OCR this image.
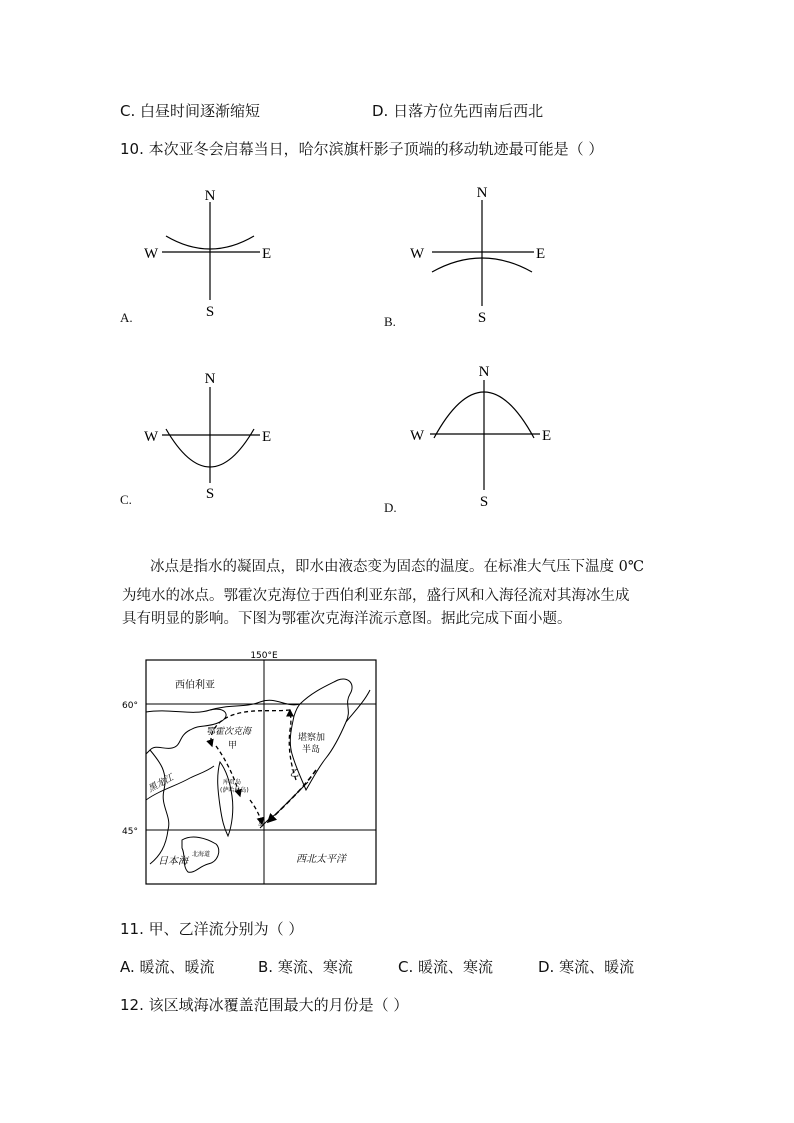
C. 白昼时间逐渐缩短	D. 日落方位先西南后西北
10. 本次亚冬会启幕当日，哈尔滨旗杆影子顶端的移动轨迹最可能是（ ）
N
S
W	E
A.
N
S
W	E
B.
N
S
W	E
C.
N
S
W	E
D.
冰点是指水的凝固点，即水由液态变为固态的温度。在标准大气压下温度 0℃
为纯水的冰点。鄂霍次克海位于西伯利亚东部，盛行风和入海径流对其海冰生成
具有明显的影响。下图为鄂霍次克海洋流示意图。据此完成下面小题。
150°E
60°
45°
西伯利亚
鄂霍次克海
甲
堪察加
半岛
乙
黑龙江	库页岛
(萨哈林岛)
岛
北海道
日本海	西北太平洋
11. 甲、乙洋流分别为（ ）
A. 暖流、暖流	B. 寒流、寒流	C. 暖流、寒流	D. 寒流、暖流
12. 该区域海冰覆盖范围最大的月份是（ ）
